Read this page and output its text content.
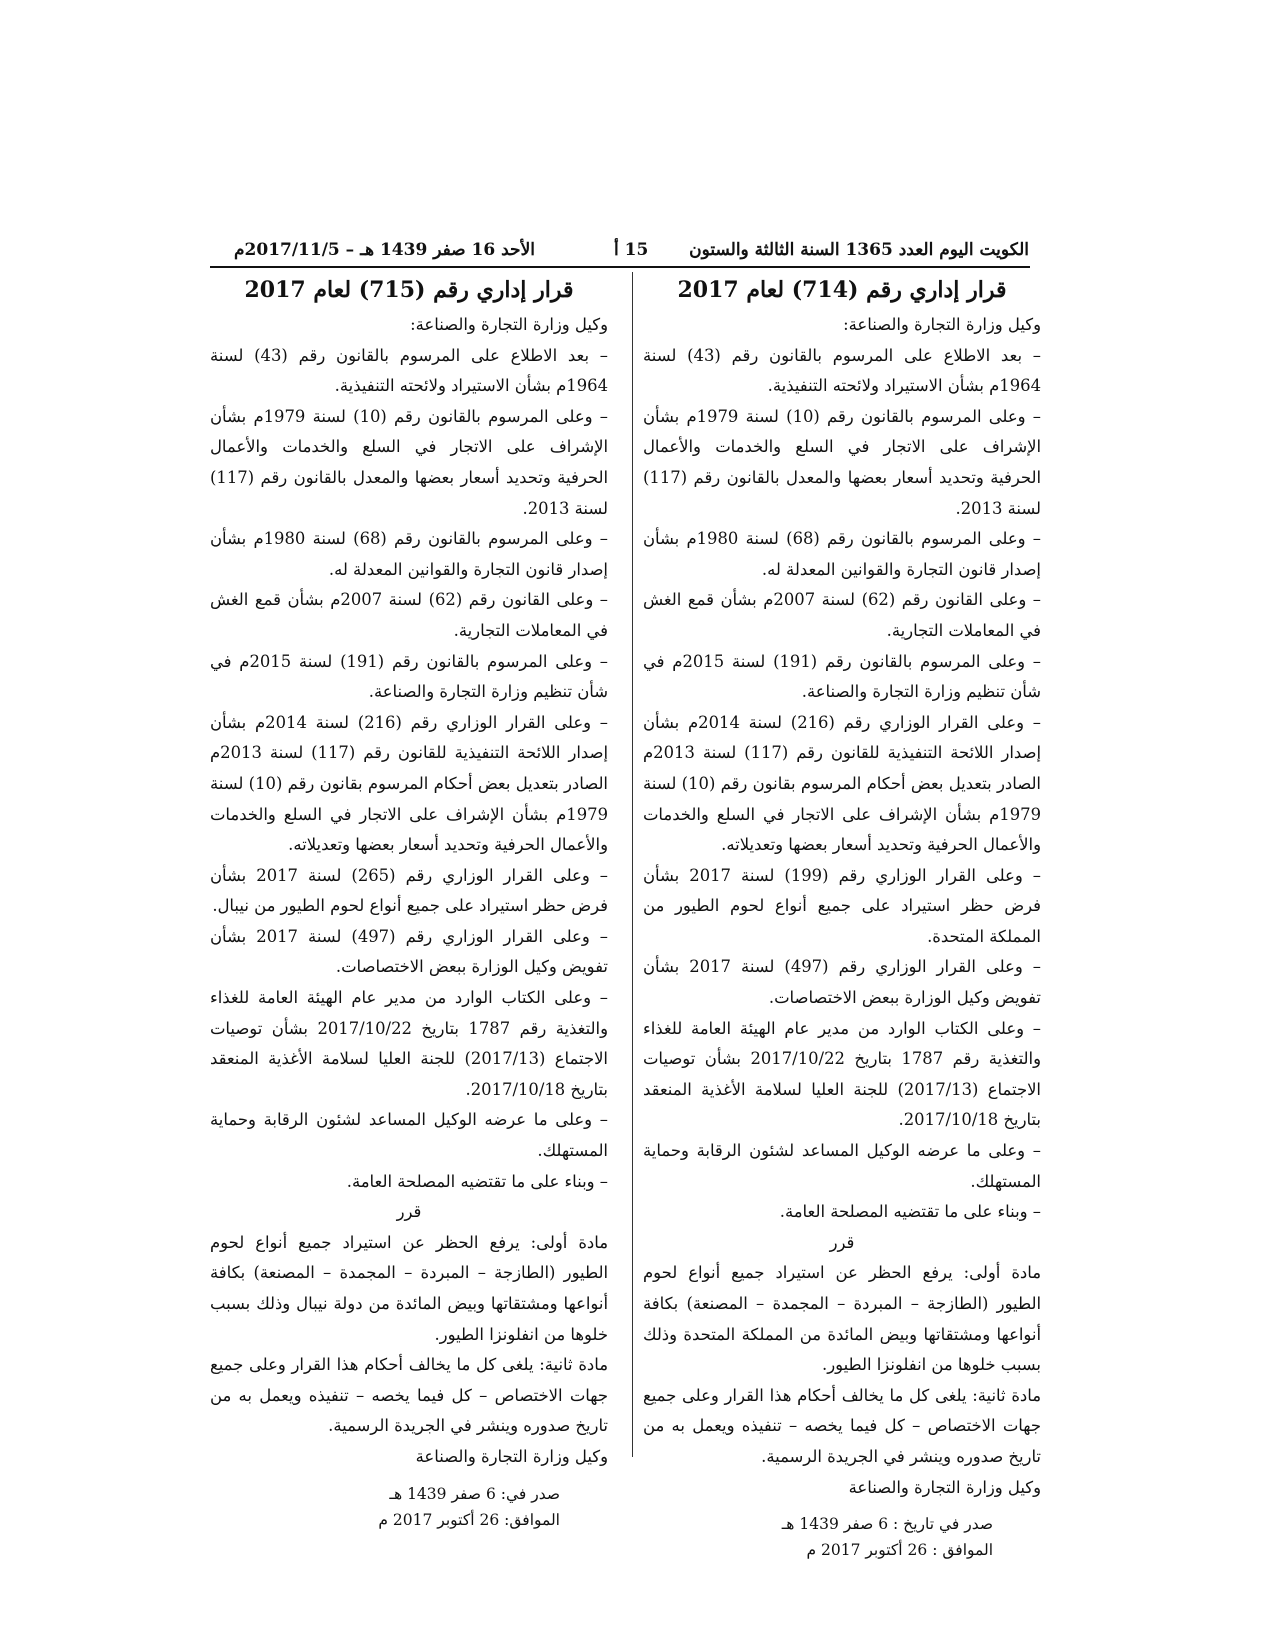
الكويت اليوم العدد 1365 السنة الثالثة والستون
15 أ
الأحد 16 صفر 1439 هـ – 2017/11/5م
قرار إداري رقم (714) لعام 2017

وكيل وزارة التجارة والصناعة:

– بعد الاطلاع على المرسوم بالقانون رقم (43) لسنة 1964م بشأن الاستيراد ولائحته التنفيذية.

– وعلى المرسوم بالقانون رقم (10) لسنة 1979م بشأن الإشراف على الاتجار في السلع والخدمات والأعمال الحرفية وتحديد أسعار بعضها والمعدل بالقانون رقم (117) لسنة 2013.

– وعلى المرسوم بالقانون رقم (68) لسنة 1980م بشأن إصدار قانون التجارة والقوانين المعدلة له.

– وعلى القانون رقم (62) لسنة 2007م بشأن قمع الغش في المعاملات التجارية.

– وعلى المرسوم بالقانون رقم (191) لسنة 2015م في شأن تنظيم وزارة التجارة والصناعة.

– وعلى القرار الوزاري رقم (216) لسنة 2014م بشأن إصدار اللائحة التنفيذية للقانون رقم (117) لسنة 2013م الصادر بتعديل بعض أحكام المرسوم بقانون رقم (10) لسنة 1979م بشأن الإشراف على الاتجار في السلع والخدمات والأعمال الحرفية وتحديد أسعار بعضها وتعديلاته.

– وعلى القرار الوزاري رقم (199) لسنة 2017 بشأن فرض حظر استيراد على جميع أنواع لحوم الطيور من المملكة المتحدة.

– وعلى القرار الوزاري رقم (497) لسنة 2017 بشأن تفويض وكيل الوزارة ببعض الاختصاصات.

– وعلى الكتاب الوارد من مدير عام الهيئة العامة للغذاء والتغذية رقم 1787 بتاريخ 2017/10/22 بشأن توصيات الاجتماع (2017/13) للجنة العليا لسلامة الأغذية المنعقد بتاريخ 2017/10/18.

– وعلى ما عرضه الوكيل المساعد لشئون الرقابة وحماية المستهلك.

– وبناء على ما تقتضيه المصلحة العامة.

قرر

مادة أولى: يرفع الحظر عن استيراد جميع أنواع لحوم الطيور (الطازجة – المبردة – المجمدة – المصنعة) بكافة أنواعها ومشتقاتها وبيض المائدة من المملكة المتحدة وذلك بسبب خلوها من انفلونزا الطيور.

مادة ثانية: يلغى كل ما يخالف أحكام هذا القرار وعلى جميع جهات الاختصاص – كل فيما يخصه – تنفيذه ويعمل به من تاريخ صدوره وينشر في الجريدة الرسمية.

وكيل وزارة التجارة والصناعة

صدر في تاريخ : 6 صفر 1439 هـ
الموافق : 26 أكتوبر 2017 م
قرار إداري رقم (715) لعام 2017

وكيل وزارة التجارة والصناعة:

– بعد الاطلاع على المرسوم بالقانون رقم (43) لسنة 1964م بشأن الاستيراد ولائحته التنفيذية.

– وعلى المرسوم بالقانون رقم (10) لسنة 1979م بشأن الإشراف على الاتجار في السلع والخدمات والأعمال الحرفية وتحديد أسعار بعضها والمعدل بالقانون رقم (117) لسنة 2013.

– وعلى المرسوم بالقانون رقم (68) لسنة 1980م بشأن إصدار قانون التجارة والقوانين المعدلة له.

– وعلى القانون رقم (62) لسنة 2007م بشأن قمع الغش في المعاملات التجارية.

– وعلى المرسوم بالقانون رقم (191) لسنة 2015م في شأن تنظيم وزارة التجارة والصناعة.

– وعلى القرار الوزاري رقم (216) لسنة 2014م بشأن إصدار اللائحة التنفيذية للقانون رقم (117) لسنة 2013م الصادر بتعديل بعض أحكام المرسوم بقانون رقم (10) لسنة 1979م بشأن الإشراف على الاتجار في السلع والخدمات والأعمال الحرفية وتحديد أسعار بعضها وتعديلاته.

– وعلى القرار الوزاري رقم (265) لسنة 2017 بشأن فرض حظر استيراد على جميع أنواع لحوم الطيور من نيبال.

– وعلى القرار الوزاري رقم (497) لسنة 2017 بشأن تفويض وكيل الوزارة ببعض الاختصاصات.

– وعلى الكتاب الوارد من مدير عام الهيئة العامة للغذاء والتغذية رقم 1787 بتاريخ 2017/10/22 بشأن توصيات الاجتماع (2017/13) للجنة العليا لسلامة الأغذية المنعقد بتاريخ 2017/10/18.

– وعلى ما عرضه الوكيل المساعد لشئون الرقابة وحماية المستهلك.

– وبناء على ما تقتضيه المصلحة العامة.

قرر

مادة أولى: يرفع الحظر عن استيراد جميع أنواع لحوم الطيور (الطازجة – المبردة – المجمدة – المصنعة) بكافة أنواعها ومشتقاتها وبيض المائدة من دولة نيبال وذلك بسبب خلوها من انفلونزا الطيور.

مادة ثانية: يلغى كل ما يخالف أحكام هذا القرار وعلى جميع جهات الاختصاص – كل فيما يخصه – تنفيذه ويعمل به من تاريخ صدوره وينشر في الجريدة الرسمية.

وكيل وزارة التجارة والصناعة

صدر في: 6 صفر 1439 هـ
الموافق: 26 أكتوبر 2017 م
